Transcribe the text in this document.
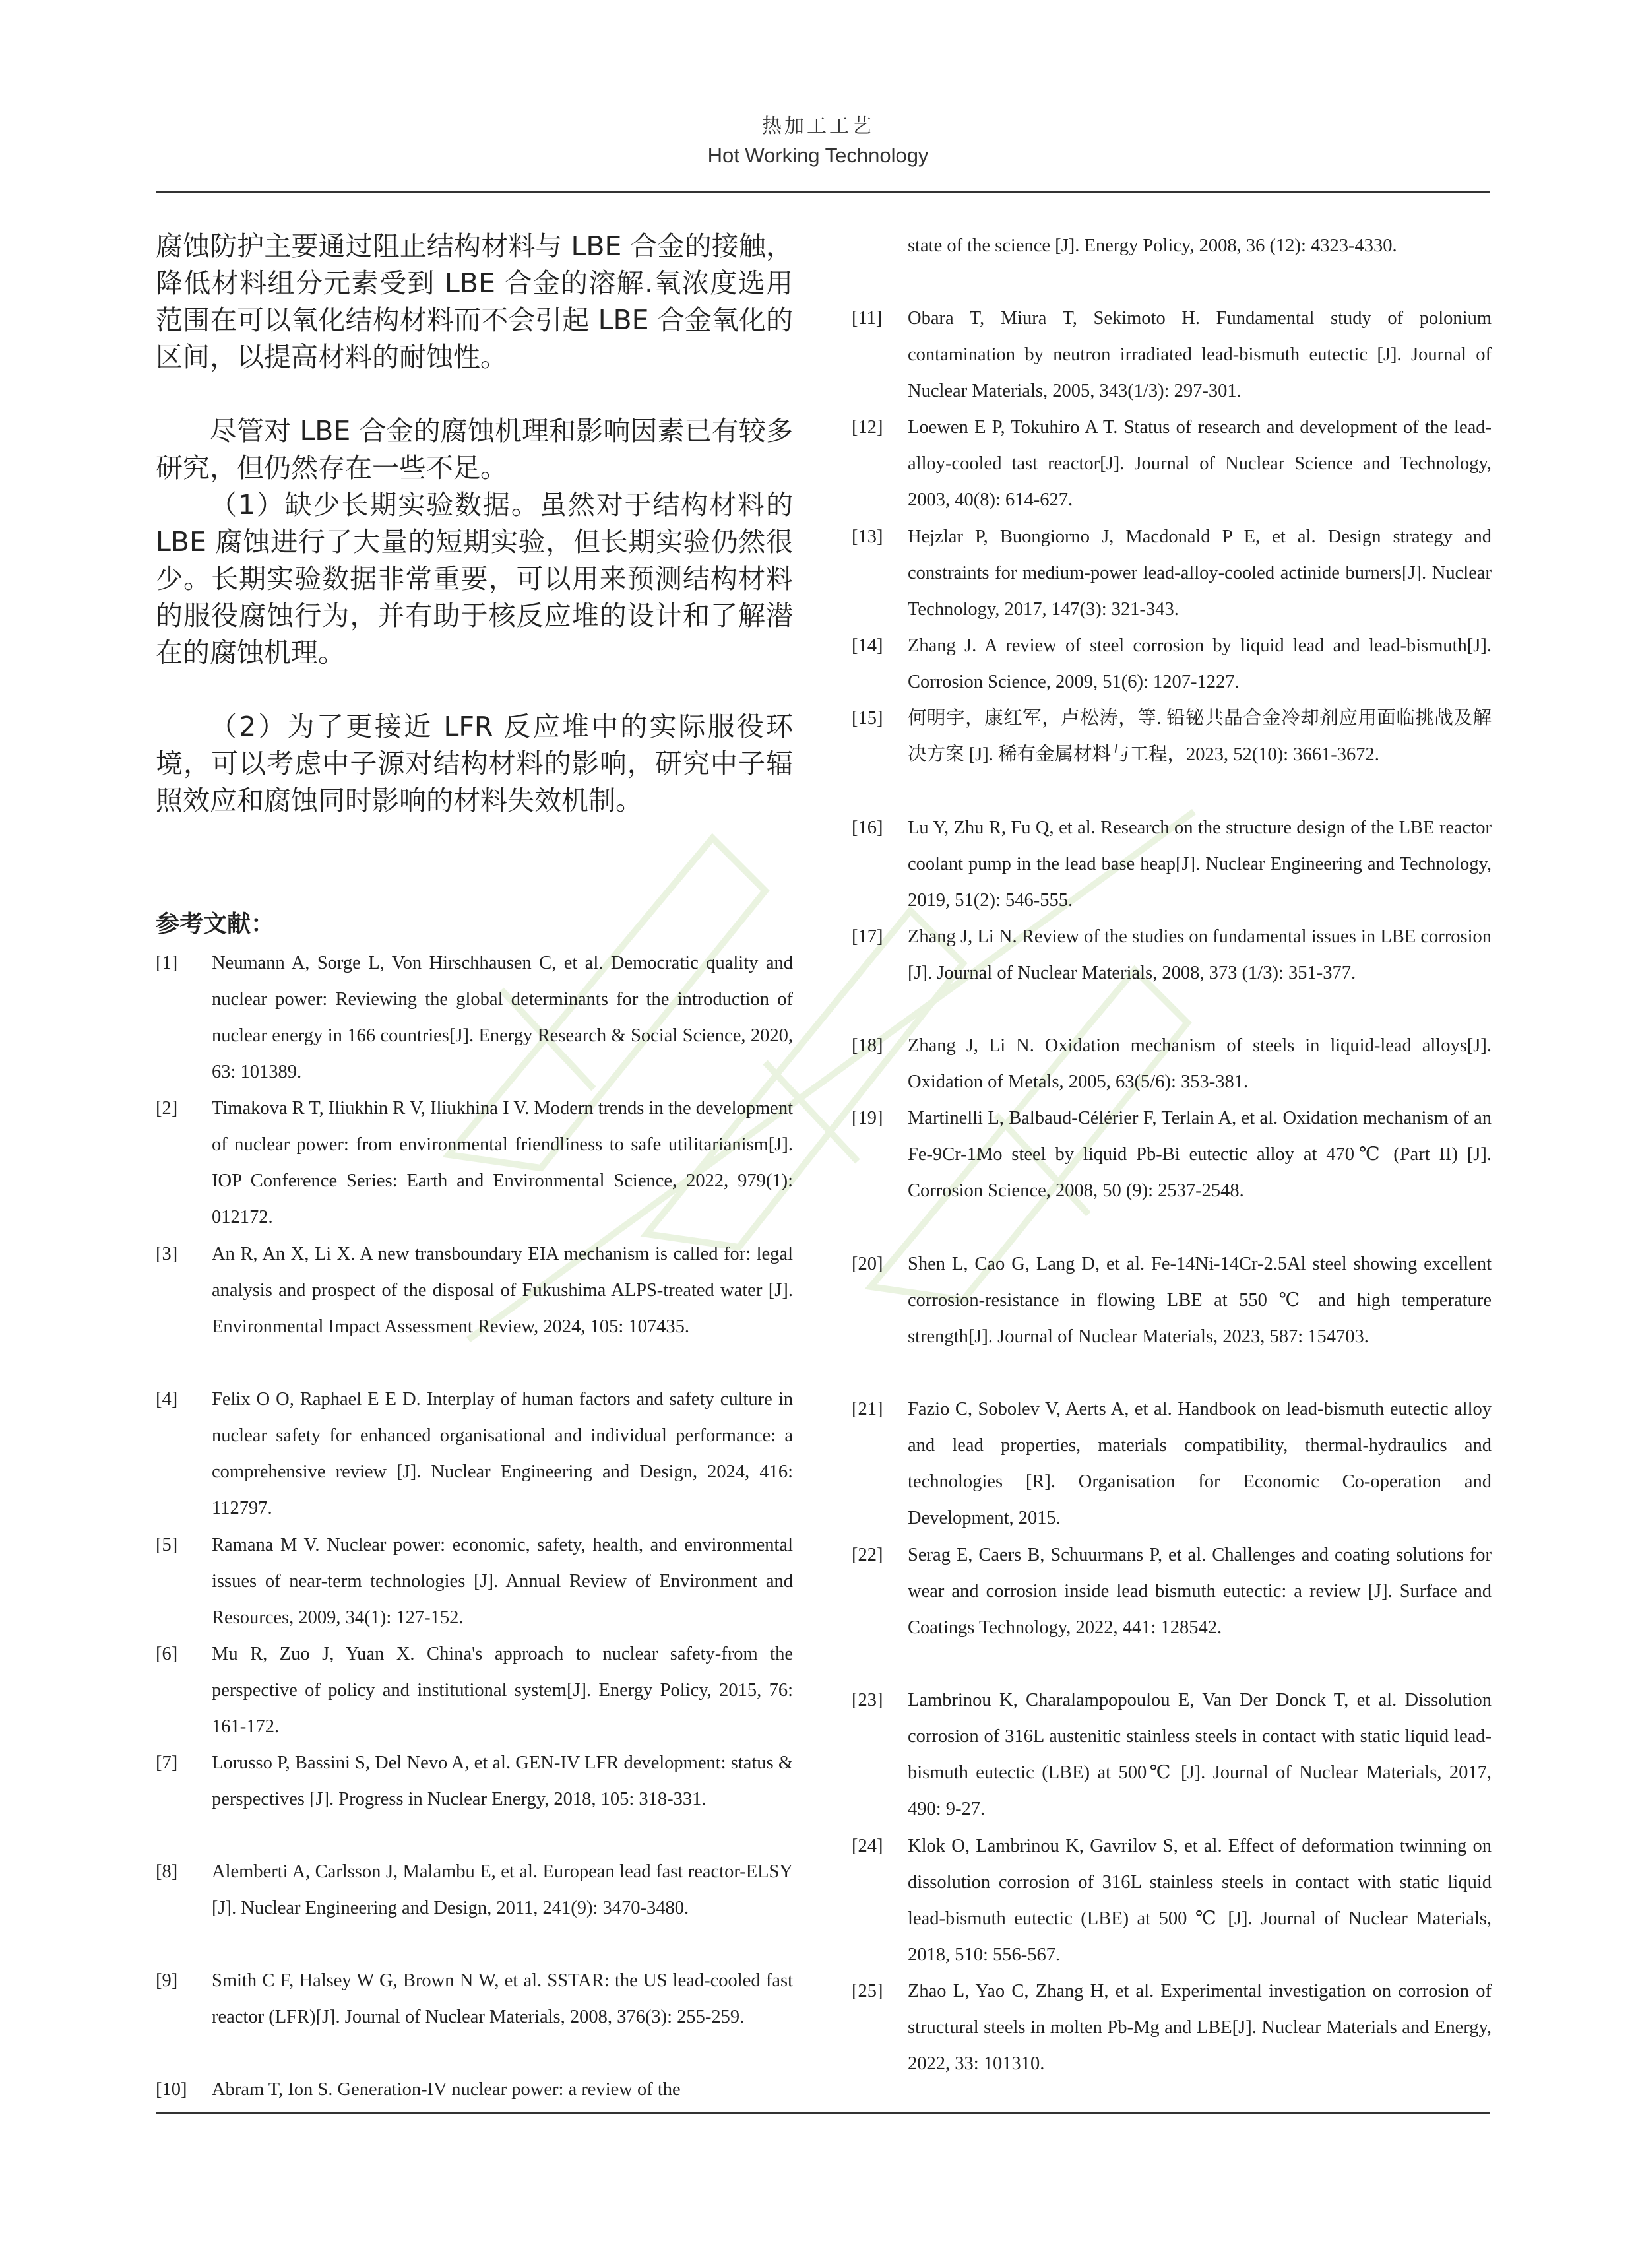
热加工工艺
Hot Working Technology

腐蚀防护主要通过阻止结构材料与 LBE 合金的接触，降低材料组分元素受到 LBE 合金的溶解.氧浓度选用范围在可以氧化结构材料而不会引起 LBE 合金氧化的区间，以提高材料的耐蚀性。

尽管对 LBE 合金的腐蚀机理和影响因素已有较多研究，但仍然存在一些不足。

（1）缺少长期实验数据。虽然对于结构材料的 LBE 腐蚀进行了大量的短期实验，但长期实验仍然很少。长期实验数据非常重要，可以用来预测结构材料的服役腐蚀行为，并有助于核反应堆的设计和了解潜在的腐蚀机理。

（2）为了更接近 LFR 反应堆中的实际服役环境，可以考虑中子源对结构材料的影响，研究中子辐照效应和腐蚀同时影响的材料失效机制。

参考文献：
[1] Neumann A, Sorge L, Von Hirschhausen C, et al. Democratic quality and nuclear power: Reviewing the global determinants for the introduction of nuclear energy in 166 countries[J]. Energy Research & Social Science, 2020, 63: 101389.
[2] Timakova R T, Iliukhin R V, Iliukhina I V. Modern trends in the development of nuclear power: from environmental friendliness to safe utilitarianism[J]. IOP Conference Series: Earth and Environmental Science, 2022, 979(1): 012172.
[3] An R, An X, Li X. A new transboundary EIA mechanism is called for: legal analysis and prospect of the disposal of Fukushima ALPS-treated water [J]. Environmental Impact Assessment Review, 2024, 105: 107435.
[4] Felix O O, Raphael E E D. Interplay of human factors and safety culture in nuclear safety for enhanced organisational and individual performance: a comprehensive review [J]. Nuclear Engineering and Design, 2024, 416: 112797.
[5] Ramana M V. Nuclear power: economic, safety, health, and environmental issues of near-term technologies [J]. Annual Review of Environment and Resources, 2009, 34(1): 127-152.
[6] Mu R, Zuo J, Yuan X. China's approach to nuclear safety-from the perspective of policy and institutional system[J]. Energy Policy, 2015, 76: 161-172.
[7] Lorusso P, Bassini S, Del Nevo A, et al. GEN-IV LFR development: status & perspectives [J]. Progress in Nuclear Energy, 2018, 105: 318-331.
[8] Alemberti A, Carlsson J, Malambu E, et al. European lead fast reactor-ELSY [J]. Nuclear Engineering and Design, 2011, 241(9): 3470-3480.
[9] Smith C F, Halsey W G, Brown N W, et al. SSTAR: the US lead-cooled fast reactor (LFR)[J]. Journal of Nuclear Materials, 2008, 376(3): 255-259.
[10] Abram T, Ion S. Generation-IV nuclear power: a review of the
state of the science [J]. Energy Policy, 2008, 36 (12): 4323-4330.
[11] Obara T, Miura T, Sekimoto H. Fundamental study of polonium contamination by neutron irradiated lead-bismuth eutectic [J]. Journal of Nuclear Materials, 2005, 343(1/3): 297-301.
[12] Loewen E P, Tokuhiro A T. Status of research and development of the lead-alloy-cooled tast reactor[J]. Journal of Nuclear Science and Technology, 2003, 40(8): 614-627.
[13] Hejzlar P, Buongiorno J, Macdonald P E, et al. Design strategy and constraints for medium-power lead-alloy-cooled actinide burners[J]. Nuclear Technology, 2017, 147(3): 321-343.
[14] Zhang J. A review of steel corrosion by liquid lead and lead-bismuth[J]. Corrosion Science, 2009, 51(6): 1207-1227.
[15] 何明宇，康红军，卢松涛，等. 铅铋共晶合金冷却剂应用面临挑战及解决方案 [J]. 稀有金属材料与工程，2023, 52(10): 3661-3672.
[16] Lu Y, Zhu R, Fu Q, et al. Research on the structure design of the LBE reactor coolant pump in the lead base heap[J]. Nuclear Engineering and Technology, 2019, 51(2): 546-555.
[17] Zhang J, Li N. Review of the studies on fundamental issues in LBE corrosion [J]. Journal of Nuclear Materials, 2008, 373 (1/3): 351-377.
[18] Zhang J, Li N. Oxidation mechanism of steels in liquid-lead alloys[J]. Oxidation of Metals, 2005, 63(5/6): 353-381.
[19] Martinelli L, Balbaud-Célérier F, Terlain A, et al. Oxidation mechanism of an Fe-9Cr-1Mo steel by liquid Pb-Bi eutectic alloy at 470℃ (Part II) [J]. Corrosion Science, 2008, 50 (9): 2537-2548.
[20] Shen L, Cao G, Lang D, et al. Fe-14Ni-14Cr-2.5Al steel showing excellent corrosion-resistance in flowing LBE at 550 ℃ and high temperature strength[J]. Journal of Nuclear Materials, 2023, 587: 154703.
[21] Fazio C, Sobolev V, Aerts A, et al. Handbook on lead-bismuth eutectic alloy and lead properties, materials compatibility, thermal-hydraulics and technologies [R]. Organisation for Economic Co-operation and Development, 2015.
[22] Serag E, Caers B, Schuurmans P, et al. Challenges and coating solutions for wear and corrosion inside lead bismuth eutectic: a review [J]. Surface and Coatings Technology, 2022, 441: 128542.
[23] Lambrinou K, Charalampopoulou E, Van Der Donck T, et al. Dissolution corrosion of 316L austenitic stainless steels in contact with static liquid lead-bismuth eutectic (LBE) at 500℃ [J]. Journal of Nuclear Materials, 2017, 490: 9-27.
[24] Klok O, Lambrinou K, Gavrilov S, et al. Effect of deformation twinning on dissolution corrosion of 316L stainless steels in contact with static liquid lead-bismuth eutectic (LBE) at 500 ℃ [J]. Journal of Nuclear Materials, 2018, 510: 556-567.
[25] Zhao L, Yao C, Zhang H, et al. Experimental investigation on corrosion of structural steels in molten Pb-Mg and LBE[J]. Nuclear Materials and Energy, 2022, 33: 101310.
